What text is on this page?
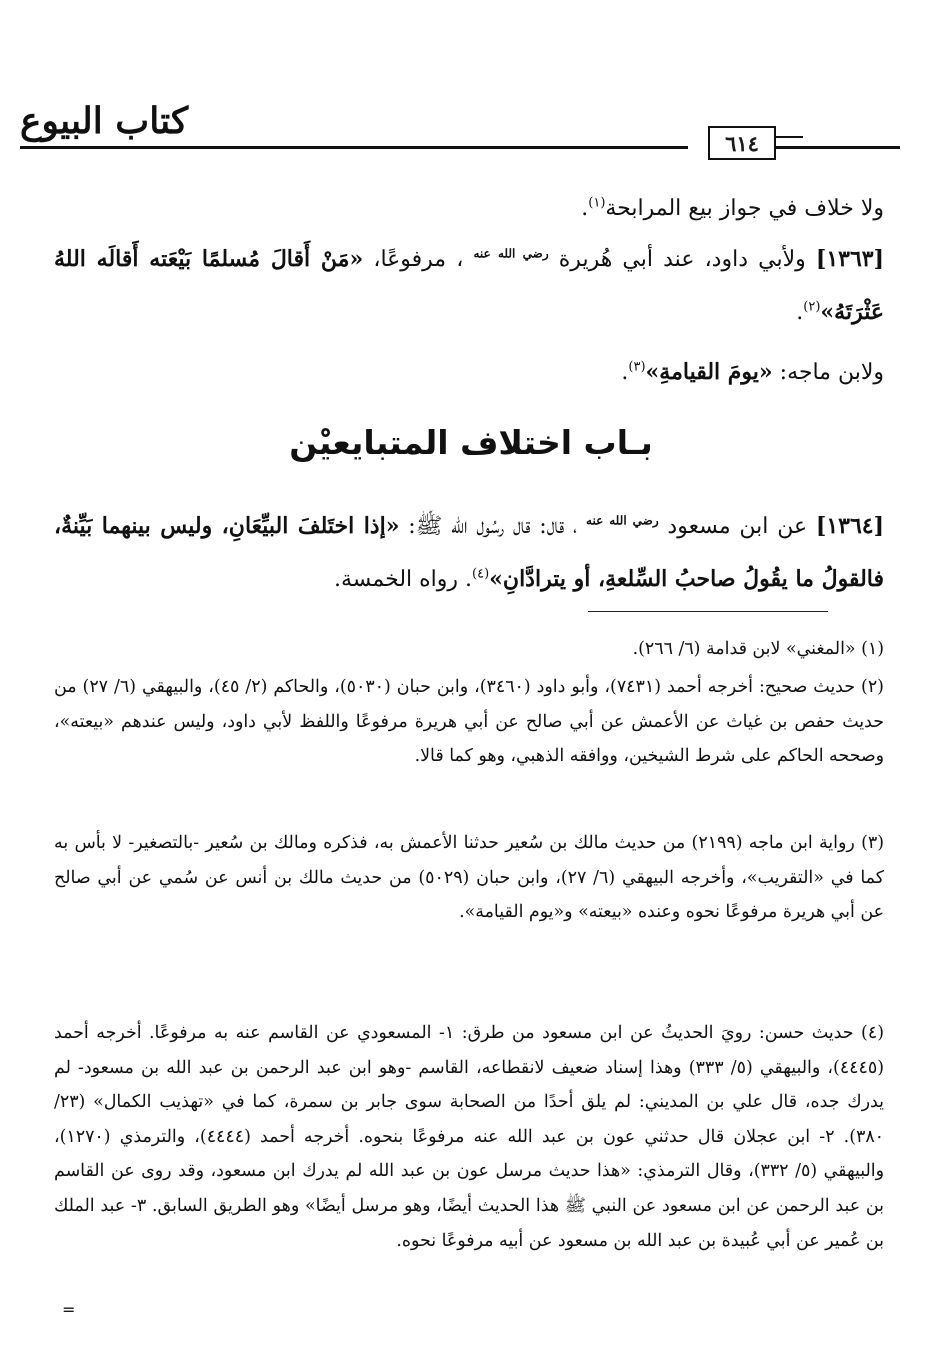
كتاب البيوع
٦١٤

ولا خلاف في جواز بيع المرابحة$^{(١)}$.

[١٣٦٣] ولأبي داود، عند أبي هُريرة $^{رضي الله عنه}$ ، مرفوعًا، «مَنْ أَقالَ مُسلمًا بَيْعَته أَقالَه اللهُ عَثْرَتَهُ»$^{(٢)}$.

ولابن ماجه: «يومَ القيامةِ»$^{(٣)}$.

بـاب اختلاف المتبايعيْن

[١٣٦٤] عن ابن مسعود $^{رضي الله عنه}$ ، قال: قال رسُول الله ﷺ: «إذا اختَلفَ البيِّعَانِ، وليس بينهما بَيِّنةٌ، فالقولُ ما يقُولُ صاحبُ السِّلعةِ، أو يترادَّانِ»$^{(٤)}$. رواه الخمسة.

(١) «المغني» لابن قدامة (٦/ ٢٦٦).

(٢) حديث صحيح: أخرجه أحمد (٧٤٣١)، وأبو داود (٣٤٦٠)، وابن حبان (٥٠٣٠)، والحاكم (٢/ ٤٥)، والبيهقي (٦/ ٢٧) من حديث حفص بن غياث عن الأعمش عن أبي صالح عن أبي هريرة مرفوعًا واللفظ لأبي داود، وليس عندهم «بيعته»، وصححه الحاكم على شرط الشيخين، ووافقه الذهبي، وهو كما قالا.

(٣) رواية ابن ماجه (٢١٩٩) من حديث مالك بن سُعير حدثنا الأعمش به، فذكره ومالك بن سُعير -بالتصغير- لا بأس به كما في «التقريب»، وأخرجه البيهقي (٦/ ٢٧)، وابن حبان (٥٠٢٩) من حديث مالك بن أنس عن سُمي عن أبي صالح عن أبي هريرة مرفوعًا نحوه وعنده «بيعته» و«يوم القيامة».

(٤) حديث حسن: رويَ الحديثُ عن ابن مسعود من طرق: ١- المسعودي عن القاسم عنه به مرفوعًا. أخرجه أحمد (٤٤٤٥)، والبيهقي (٥/ ٣٣٣) وهذا إسناد ضعيف لانقطاعه، القاسم -وهو ابن عبد الرحمن بن عبد الله بن مسعود- لم يدرك جده، قال علي بن المديني: لم يلق أحدًا من الصحابة سوى جابر بن سمرة، كما في «تهذيب الكمال» (٢٣/ ٣٨٠). ٢- ابن عجلان قال حدثني عون بن عبد الله عنه مرفوعًا بنحوه. أخرجه أحمد (٤٤٤٤)، والترمذي (١٢٧٠)، والبيهقي (٥/ ٣٣٢)، وقال الترمذي: «هذا حديث مرسل عون بن عبد الله لم يدرك ابن مسعود، وقد روى عن القاسم بن عبد الرحمن عن ابن مسعود عن النبي ﷺ هذا الحديث أيضًا، وهو مرسل أيضًا» وهو الطريق السابق. ٣- عبد الملك بن عُمير عن أبي عُبيدة بن عبد الله بن مسعود عن أبيه مرفوعًا نحوه.

=
